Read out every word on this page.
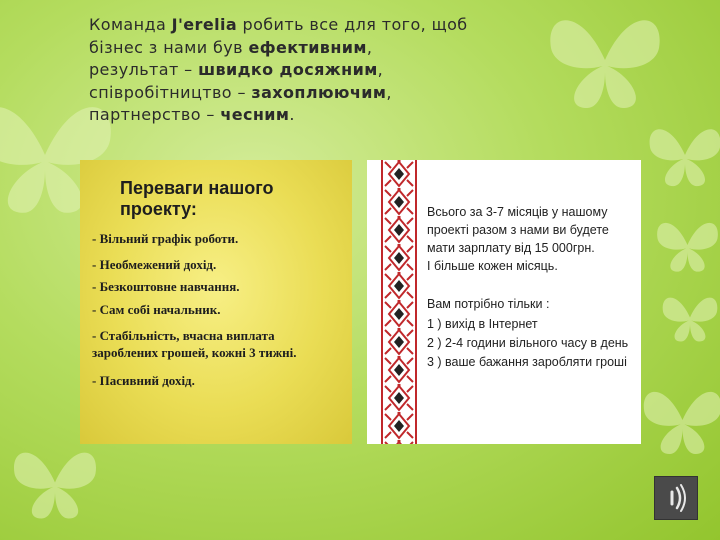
Команда J'erelia робить все для того, щоб
бізнес з нами був ефективним,
результат – швидко досяжним,
співробітництво – захоплюючим,
партнерство – чесним.
Переваги нашого проекту:
- Вільний графік роботи.
- Необмежений дохід.
- Безкоштовне навчання.
- Сам собі начальник.
- Стабільність, вчасна виплата
зароблених грошей, кожні 3 тижні.
- Пасивний дохід.
Всього за 3-7 місяців у нашому
проекті разом з нами ви будете
мати зарплату від 15 000грн.
І більше кожен місяць.
Вам потрібно тільки :
1 ) вихід в Інтернет
2 ) 2-4 години вільного часу в день
3 ) ваше бажання заробляти гроші
